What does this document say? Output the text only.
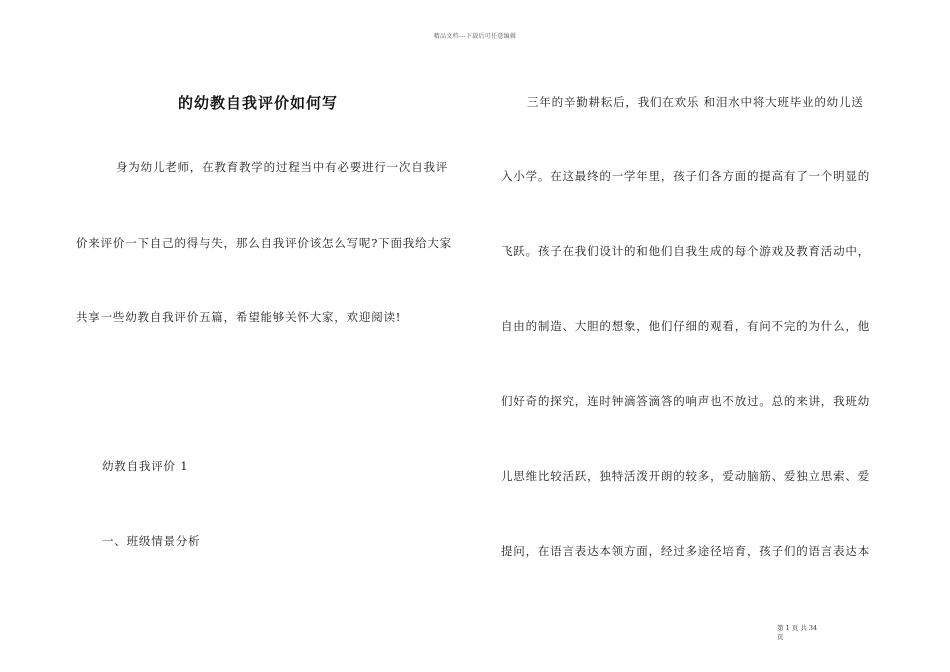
精品文档---下载后可任意编辑
的幼教自我评价如何写
身为幼儿老师，在教育教学的过程当中有必要进行一次自我评
价来评价一下自己的得与失，那么自我评价该怎么写呢?下面我给大家
共享一些幼教自我评价五篇，希望能够关怀大家，欢迎阅读!
幼教自我评价 1
一、班级情景分析
三年的辛勤耕耘后，我们在欢乐 和泪水中将大班毕业的幼儿送
入小学。在这最终的一学年里，孩子们各方面的提高有了一个明显的
飞跃。孩子在我们设计的和他们自我生成的每个游戏及教育活动中，
自由的制造、大胆的想象，他们仔细的观看，有问不完的为什么，他
们好奇的探究，连时钟滴答滴答的响声也不放过。总的来讲，我班幼
儿思维比较活跃，独特活泼开朗的较多，爱动脑筋、爱独立思索、爱
提问，在语言表达本领方面，经过多途径培育，孩子们的语言表达本
第 1 页 共 34
页
